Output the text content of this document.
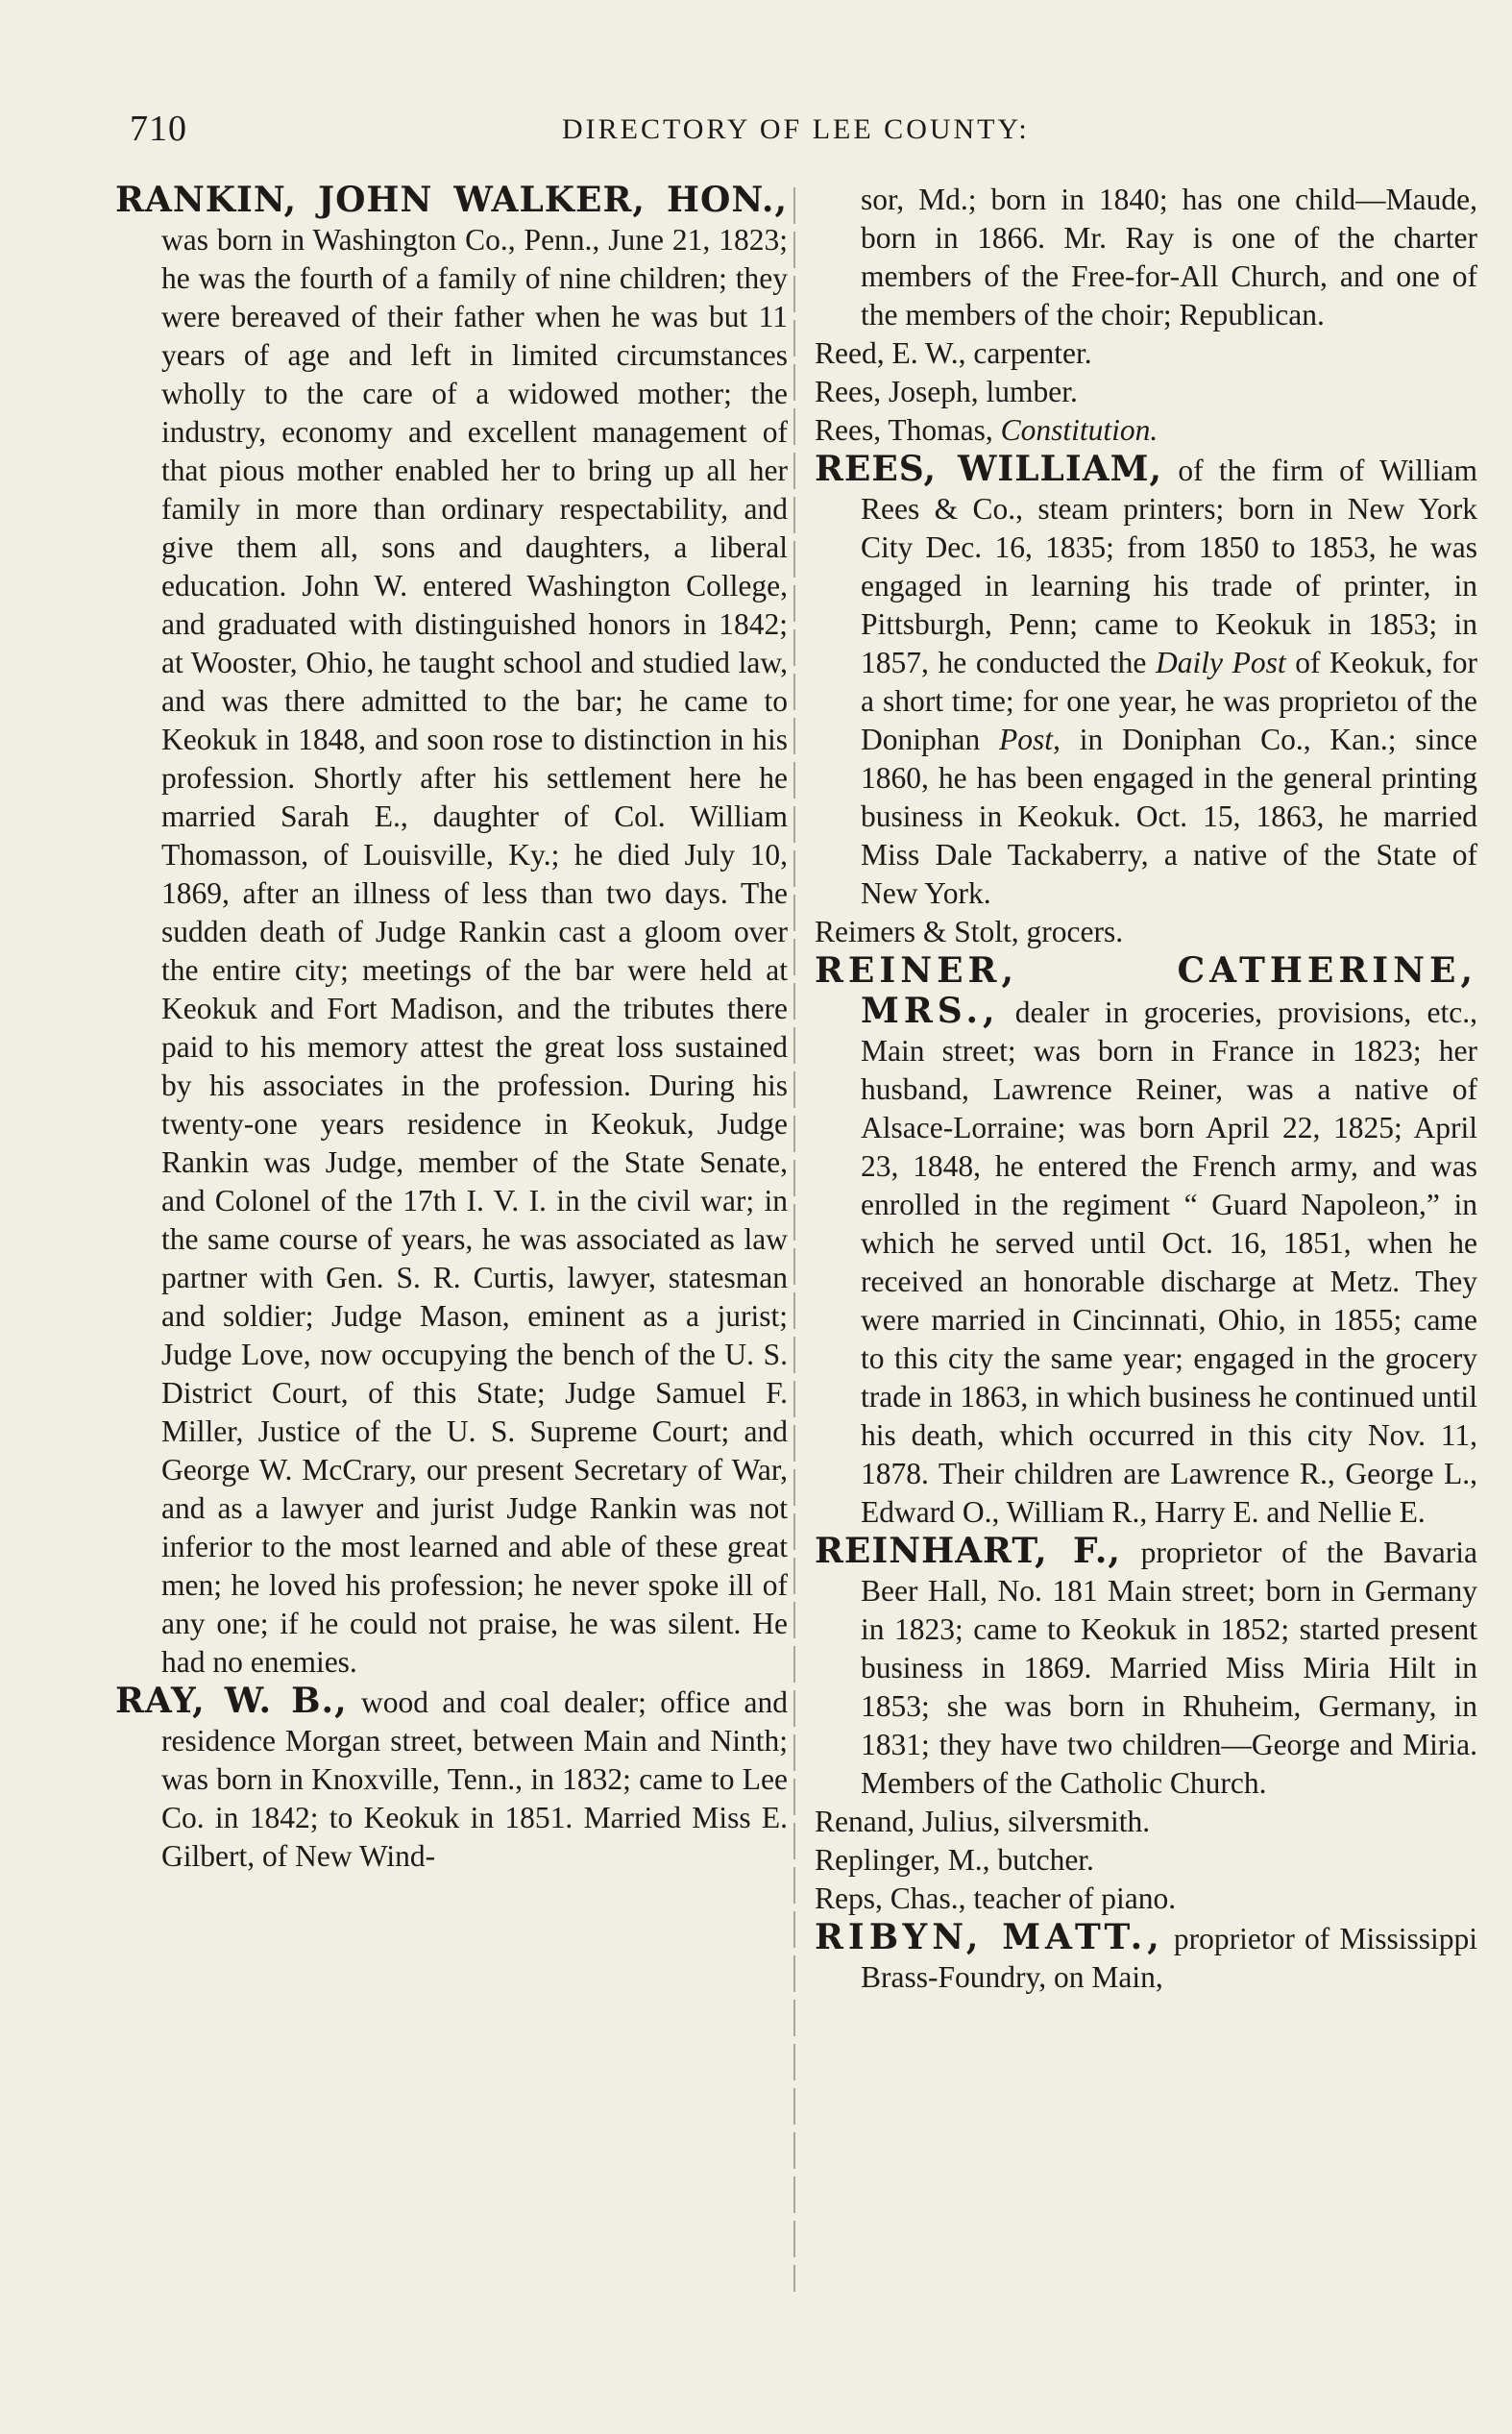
710	DIRECTORY OF LEE COUNTY:

RANKIN, JOHN WALKER, HON., was born in Washington Co., Penn., June 21, 1823; he was the fourth of a family of nine children; they were bereaved of their father when he was but 11 years of age and left in limited circumstances wholly to the care of a widowed mother; the industry, economy and excellent management of that pious mother enabled her to bring up all her family in more than ordinary respectability, and give them all, sons and daughters, a liberal education. John W. entered Washington College, and graduated with distinguished honors in 1842; at Wooster, Ohio, he taught school and studied law, and was there admitted to the bar; he came to Keokuk in 1848, and soon rose to distinction in his profession. Shortly after his settlement here he married Sarah E., daughter of Col. William Thomasson, of Louisville, Ky.; he died July 10, 1869, after an illness of less than two days. The sudden death of Judge Rankin cast a gloom over the entire city; meetings of the bar were held at Keokuk and Fort Madison, and the tributes there paid to his memory attest the great loss sustained by his associates in the profession. During his twenty-one years residence in Keokuk, Judge Rankin was Judge, member of the State Senate, and Colonel of the 17th I. V. I. in the civil war; in the same course of years, he was associated as law partner with Gen. S. R. Curtis, lawyer, statesman and soldier; Judge Mason, eminent as a jurist; Judge Love, now occupying the bench of the U. S. District Court, of this State; Judge Samuel F. Miller, Justice of the U. S. Supreme Court; and George W. McCrary, our present Secretary of War, and as a lawyer and jurist Judge Rankin was not inferior to the most learned and able of these great men; he loved his profession; he never spoke ill of any one; if he could not praise, he was silent. He had no enemies.

RAY, W. B., wood and coal dealer; office and residence Morgan street, between Main and Ninth; was born in Knoxville, Tenn., in 1832; came to Lee Co. in 1842; to Keokuk in 1851. Married Miss E. Gilbert, of New Wind-

sor, Md.; born in 1840; has one child—Maude, born in 1866. Mr. Ray is one of the charter members of the Free-for-All Church, and one of the members of the choir; Republican.

Reed, E. W., carpenter.

Rees, Joseph, lumber.

Rees, Thomas, Constitution.

REES, WILLIAM, of the firm of William Rees & Co., steam printers; born in New York City Dec. 16, 1835; from 1850 to 1853, he was engaged in learning his trade of printer, in Pittsburgh, Penn; came to Keokuk in 1853; in 1857, he conducted the Daily Post of Keokuk, for a short time; for one year, he was proprietoı of the Doniphan Post, in Doniphan Co., Kan.; since 1860, he has been engaged in the general printing business in Keokuk. Oct. 15, 1863, he married Miss Dale Tackaberry, a native of the State of New York.

Reimers & Stolt, grocers.

REINER, CATHERINE, MRS., dealer in groceries, provisions, etc., Main street; was born in France in 1823; her husband, Lawrence Reiner, was a native of Alsace-Lorraine; was born April 22, 1825; April 23, 1848, he entered the French army, and was enrolled in the regiment “ Guard Napoleon,” in which he served until Oct. 16, 1851, when he received an honorable discharge at Metz. They were married in Cincinnati, Ohio, in 1855; came to this city the same year; engaged in the grocery trade in 1863, in which business he continued until his death, which occurred in this city Nov. 11, 1878. Their children are Lawrence R., George L., Edward O., William R., Harry E. and Nellie E.

REINHART, F., proprietor of the Bavaria Beer Hall, No. 181 Main street; born in Germany in 1823; came to Keokuk in 1852; started present business in 1869. Married Miss Miria Hilt in 1853; she was born in Rhuheim, Germany, in 1831; they have two children—George and Miria. Members of the Catholic Church.

Renand, Julius, silversmith.

Replinger, M., butcher.

Reps, Chas., teacher of piano.

RIBYN, MATT., proprietor of Mississippi Brass-Foundry, on Main,
